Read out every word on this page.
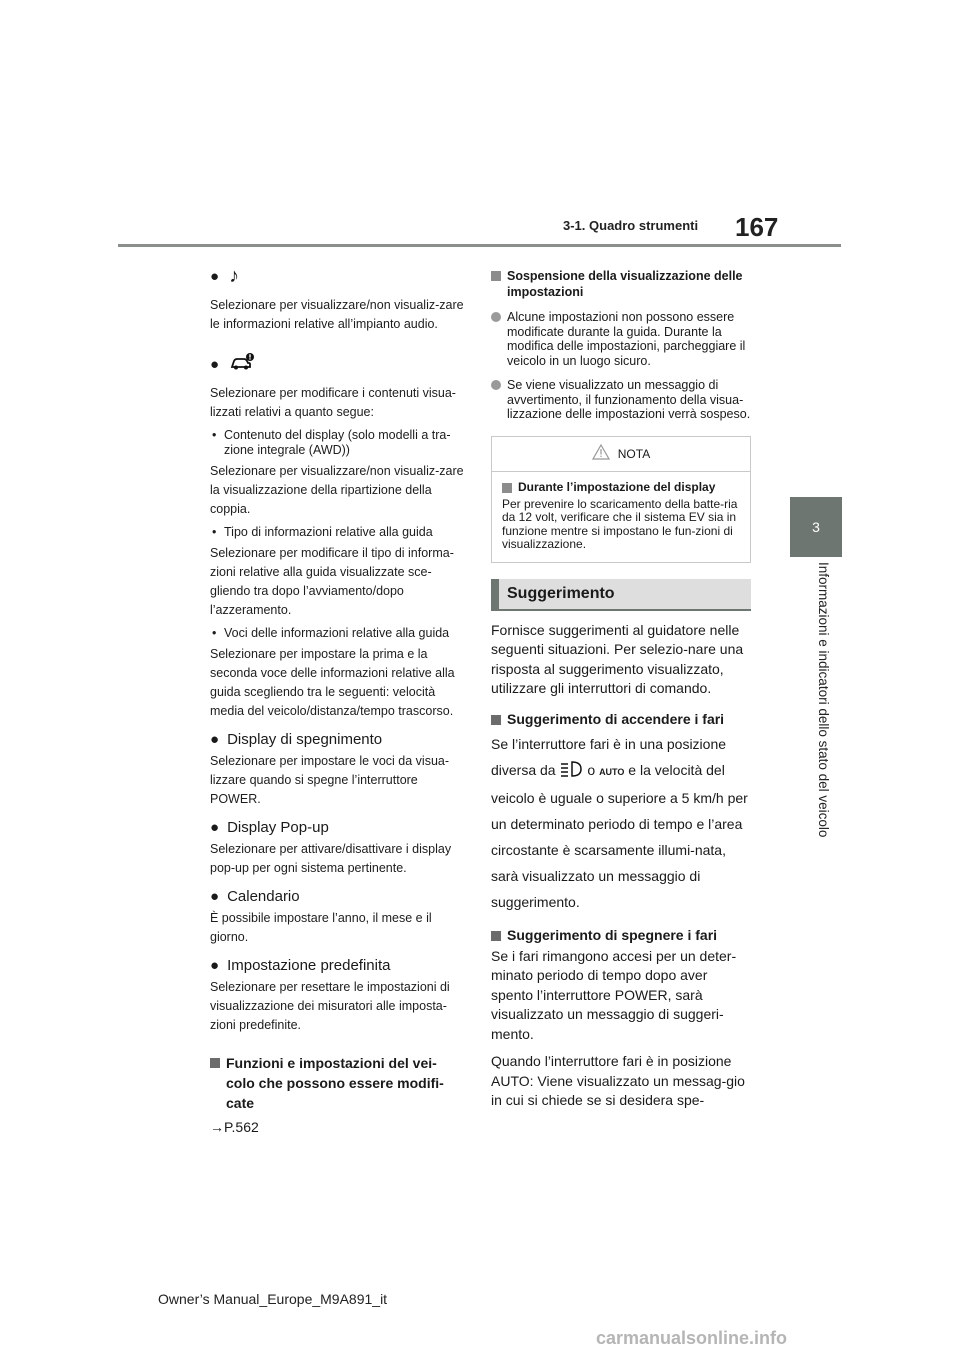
3-1. Quadro strumenti 167
3
Informazioni e indicatori dello stato del veicolo
● ♪

Selezionare per visualizzare/non visualiz-zare le informazioni relative all’impianto audio.

●

Selezionare per modificare i contenuti visua-lizzati relativi a quanto segue:

• Contenuto del display (solo modelli a tra-zione integrale (AWD))

Selezionare per visualizzare/non visualiz-zare la visualizzazione della ripartizione della coppia.

• Tipo di informazioni relative alla guida

Selezionare per modificare il tipo di informa-zioni relative alla guida visualizzate sce-gliendo tra dopo l’avviamento/dopo l’azzeramento.

• Voci delle informazioni relative alla guida

Selezionare per impostare la prima e la seconda voce delle informazioni relative alla guida scegliendo tra le seguenti: velocità media del veicolo/distanza/tempo trascorso.

● Display di spegnimento

Selezionare per impostare le voci da visua-lizzare quando si spegne l’interruttore POWER.

● Display Pop-up

Selezionare per attivare/disattivare i display pop-up per ogni sistema pertinente.

● Calendario

È possibile impostare l’anno, il mese e il giorno.

● Impostazione predefinita

Selezionare per resettare le impostazioni di visualizzazione dei misuratori alle imposta-zioni predefinite.

Funzioni e impostazioni del vei-colo che possono essere modifi-cate
→P.562
Sospensione della visualizzazione delle impostazioni
Alcune impostazioni non possono essere modificate durante la guida. Durante la modifica delle impostazioni, parcheggiare il veicolo in un luogo sicuro.
Se viene visualizzato un messaggio di avvertimento, il funzionamento della visua-lizzazione delle impostazioni verrà sospeso.
NOTA
Durante l’impostazione del display
Per prevenire lo scaricamento della batte-ria da 12 volt, verificare che il sistema EV sia in funzione mentre si impostano le fun-zioni di visualizzazione.
Suggerimento

Fornisce suggerimenti al guidatore nelle seguenti situazioni. Per selezio-nare una risposta al suggerimento visualizzato, utilizzare gli interruttori di comando.

Suggerimento di accendere i fari

Se l’interruttore fari è in una posizione diversa da o AUTO e la velocità del veicolo è uguale o superiore a 5 km/h per un determinato periodo di tempo e l’area circostante è scarsamente illumi-nata, sarà visualizzato un messaggio di suggerimento.

Suggerimento di spegnere i fari

Se i fari rimangono accesi per un deter-minato periodo di tempo dopo aver spento l’interruttore POWER, sarà visualizzato un messaggio di suggeri-mento.

Quando l’interruttore fari è in posizione AUTO: Viene visualizzato un messag-gio in cui si chiede se si desidera spe-

Owner’s Manual_Europe_M9A891_it
carmanualsonline.info
